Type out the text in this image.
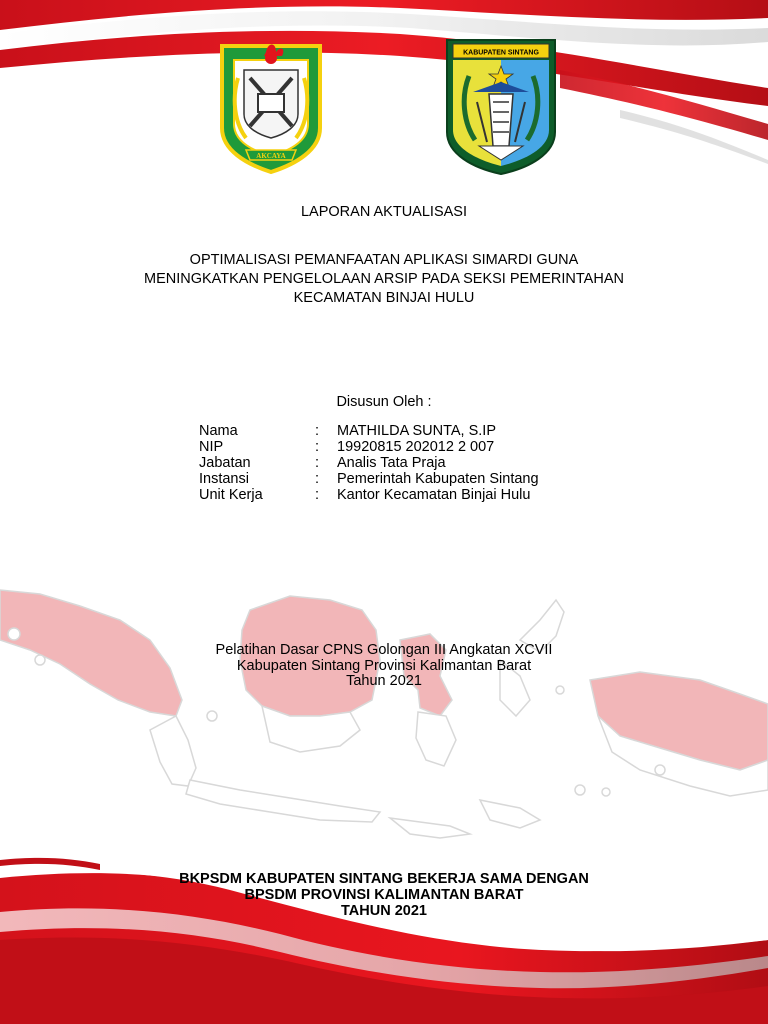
AKCAYA
KABUPATEN SINTANG
LAPORAN AKTUALISASI
OPTIMALISASI PEMANFAATAN APLIKASI SIMARDI GUNA
MENINGKATKAN PENGELOLAAN ARSIP PADA SEKSI PEMERINTAHAN
KECAMATAN BINJAI HULU
Disusun Oleh :
Nama	:	MATHILDA SUNTA, S.IP
NIP	:	19920815 202012 2 007
Jabatan	:	Analis Tata Praja
Instansi	:	Pemerintah Kabupaten Sintang
Unit Kerja	:	Kantor Kecamatan Binjai Hulu
Pelatihan Dasar CPNS Golongan III Angkatan XCVII
Kabupaten Sintang Provinsi Kalimantan Barat
Tahun 2021
BKPSDM KABUPATEN SINTANG BEKERJA SAMA DENGAN
BPSDM PROVINSI KALIMANTAN BARAT
TAHUN 2021
